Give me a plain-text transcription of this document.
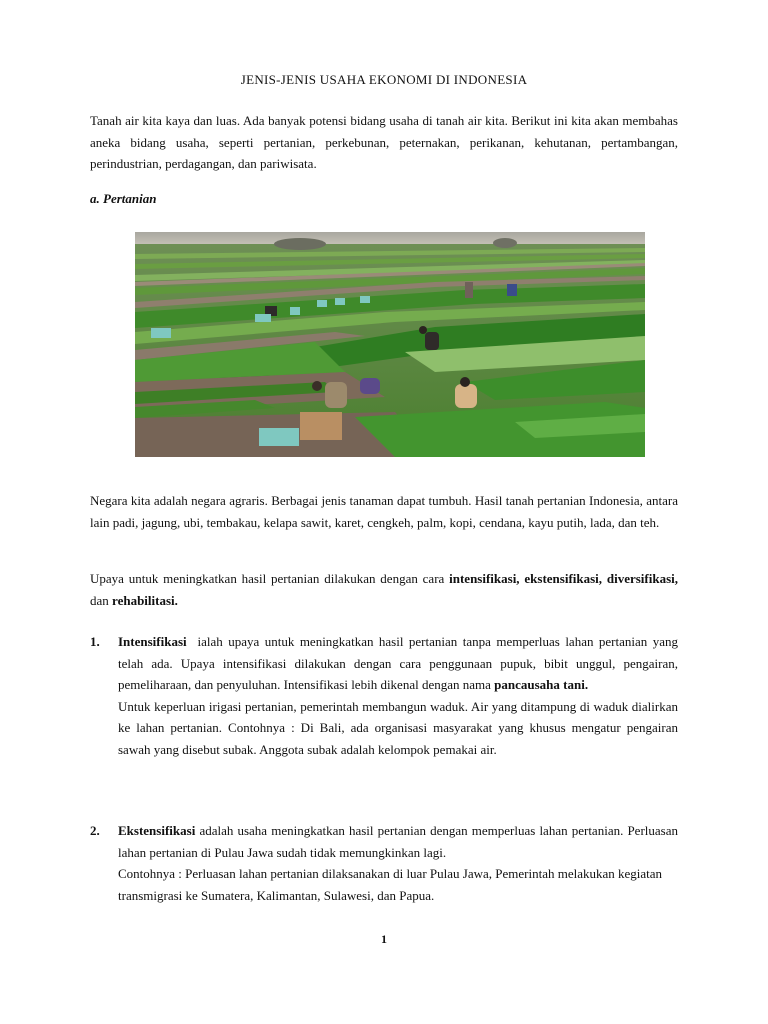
JENIS-JENIS USAHA EKONOMI DI INDONESIA

Tanah air kita kaya dan luas. Ada banyak potensi bidang usaha di tanah air kita. Berikut ini kita akan membahas aneka bidang usaha, seperti pertanian, perkebunan, peternakan, perikanan, kehutanan, pertambangan, perindustrian, perdagangan, dan pariwisata.

a. Pertanian

Negara kita adalah negara agraris. Berbagai jenis tanaman dapat tumbuh. Hasil tanah pertanian Indonesia, antara lain padi, jagung, ubi, tembakau, kelapa sawit, karet, cengkeh, palm, kopi, cendana, kayu putih, lada, dan teh.

Upaya untuk meningkatkan hasil pertanian dilakukan dengan cara intensifikasi, ekstensifikasi, diversifikasi, dan rehabilitasi.

1. Intensifikasi ialah upaya untuk meningkatkan hasil pertanian tanpa memperluas lahan pertanian yang telah ada. Upaya intensifikasi dilakukan dengan cara penggunaan pupuk, bibit unggul, pengairan, pemeliharaan, dan penyuluhan. Intensifikasi lebih dikenal dengan nama pancausaha tani.

Untuk keperluan irigasi pertanian, pemerintah membangun waduk. Air yang ditampung di waduk dialirkan ke lahan pertanian. Contohnya : Di Bali, ada organisasi masyarakat yang khusus mengatur pengairan sawah yang disebut subak. Anggota subak adalah kelompok pemakai air.

2. Ekstensifikasi adalah usaha meningkatkan hasil pertanian dengan memperluas lahan pertanian. Perluasan lahan pertanian di Pulau Jawa sudah tidak memungkinkan lagi.

Contohnya : Perluasan lahan pertanian dilaksanakan di luar Pulau Jawa, Pemerintah melakukan kegiatan transmigrasi ke Sumatera, Kalimantan, Sulawesi, dan Papua.

1
